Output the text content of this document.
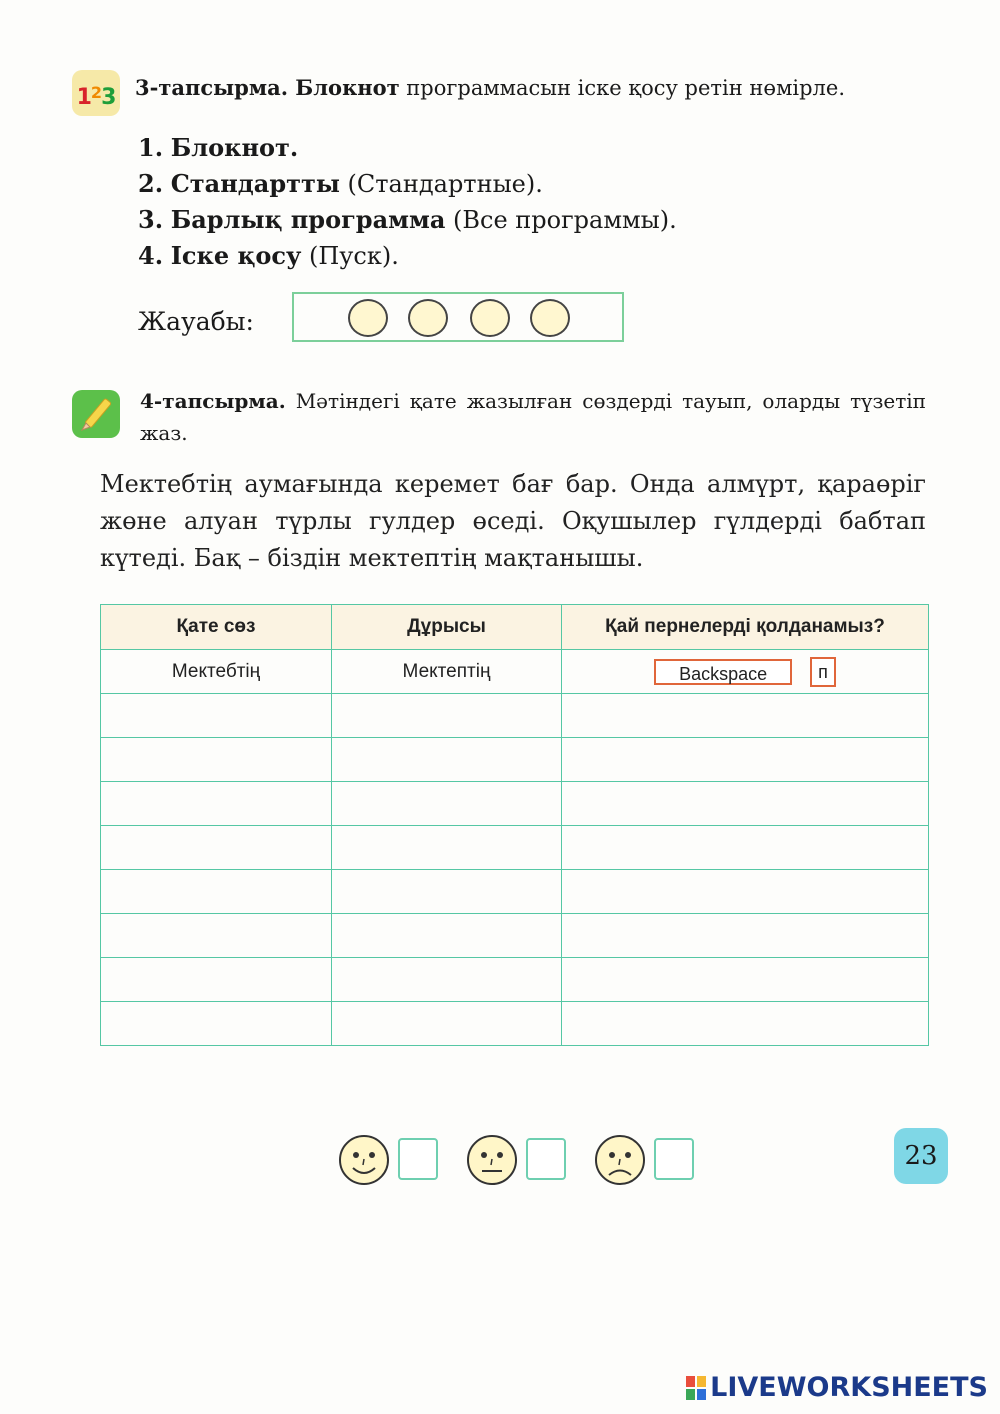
$1^23$ 3-тапсырма. Блокнот программасын іске қосу ретін нөмірле.
1. Блокнот.
2. Стандартты (Стандартные).
3. Барлық программа (Все программы).
4. Іске қосу (Пуск).
Жауабы:
4-тапсырма. Мәтіндегі қате жазылған сөздерді тауып, оларды түзетіп жаз.
Мектебтің аумағында керемет бағ бар. Онда алмүрт, қараөріг жөне алуан түрлы гулдер өседі. Оқушылер гүлдерді бабтап күтеді. Бақ – біздін мектептің мақтанышы.
Қате сөз	Дұрысы	Қай пернелерді қолданамыз?
Мектебтің	Мектептің	Backspace п

23
LIVEWORKSHEETS
